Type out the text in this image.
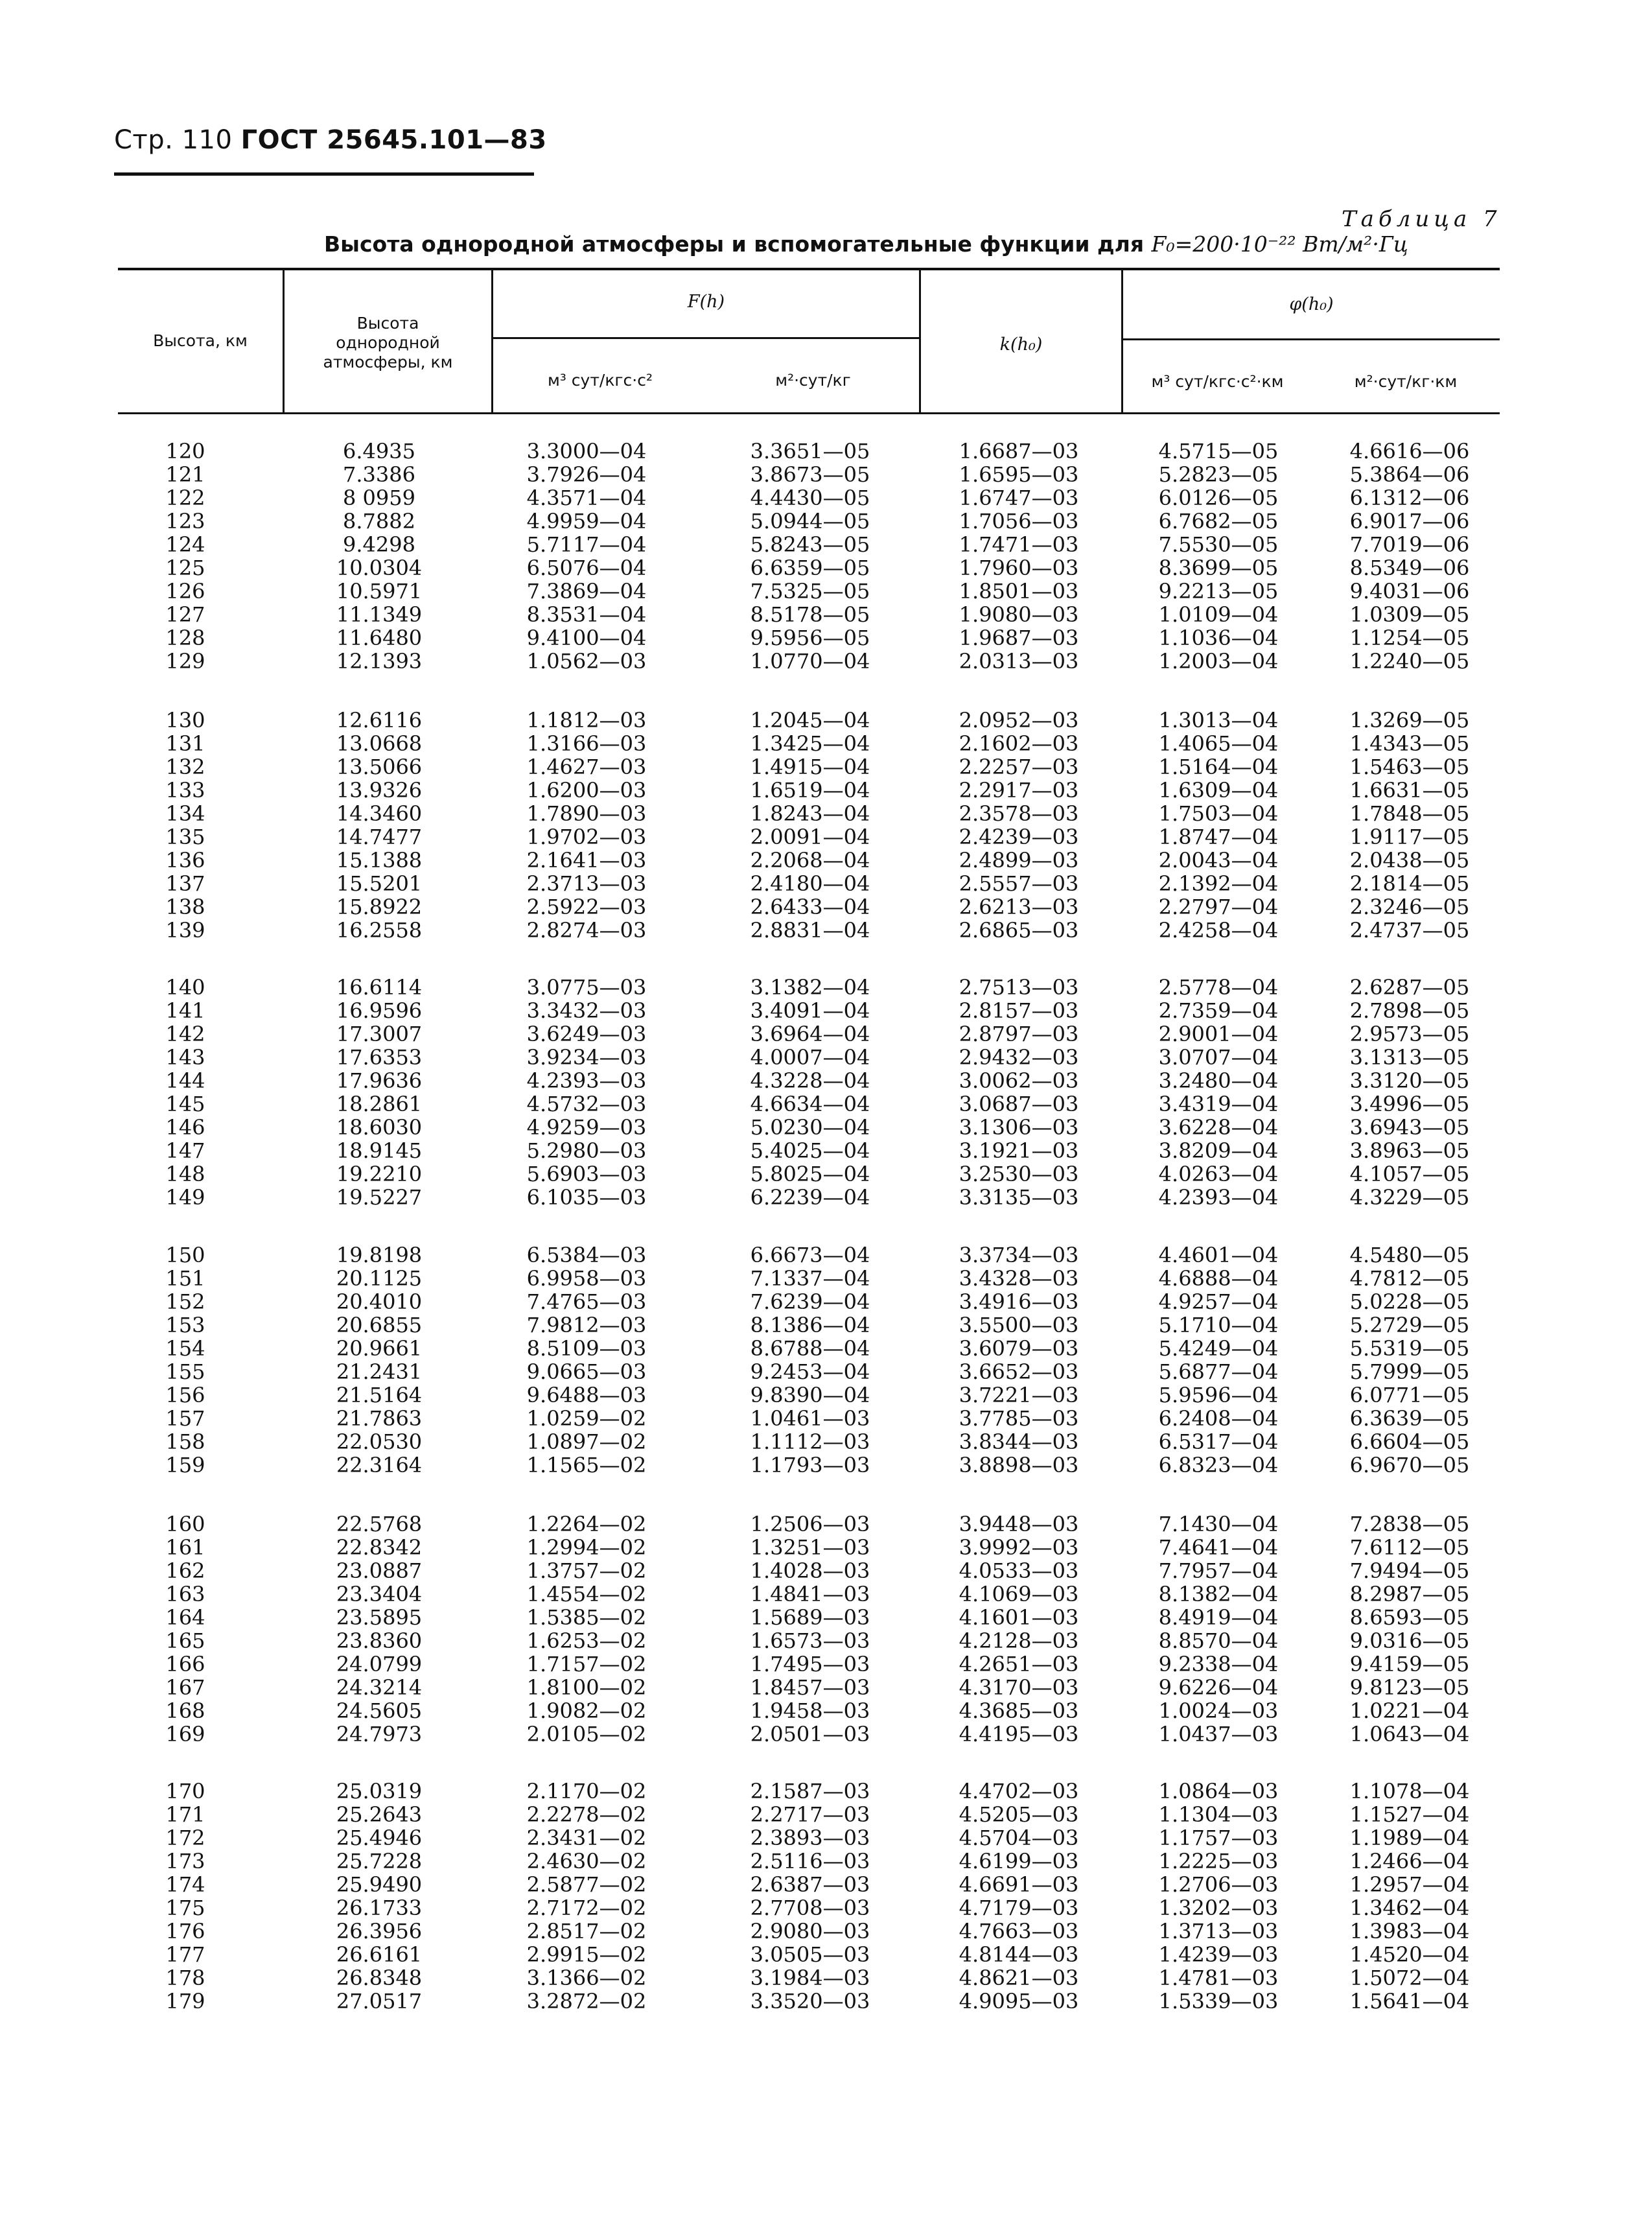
Стр. 110 ГОСТ 25645.101—83
Таблица 7
Высота однородной атмосферы и вспомогательные функции для F₀=200·10⁻²² Вт/м²·Гц
Высота, км
Высота
однородной
атмосферы, км
F(h)
м³ сут/кгс·с²	м²·сут/кг
k(h₀)
φ(h₀)
м³ сут/кгс·с²·км	м²·сут/кг·км
120	6.4935	3.3000—04	3.3651—05	1.6687—03	4.5715—05	4.6616—06
121	7.3386	3.7926—04	3.8673—05	1.6595—03	5.2823—05	5.3864—06
122	8 0959	4.3571—04	4.4430—05	1.6747—03	6.0126—05	6.1312—06
123	8.7882	4.9959—04	5.0944—05	1.7056—03	6.7682—05	6.9017—06
124	9.4298	5.7117—04	5.8243—05	1.7471—03	7.5530—05	7.7019—06
125	10.0304	6.5076—04	6.6359—05	1.7960—03	8.3699—05	8.5349—06
126	10.5971	7.3869—04	7.5325—05	1.8501—03	9.2213—05	9.4031—06
127	11.1349	8.3531—04	8.5178—05	1.9080—03	1.0109—04	1.0309—05
128	11.6480	9.4100—04	9.5956—05	1.9687—03	1.1036—04	1.1254—05
129	12.1393	1.0562—03	1.0770—04	2.0313—03	1.2003—04	1.2240—05
130	12.6116	1.1812—03	1.2045—04	2.0952—03	1.3013—04	1.3269—05
131	13.0668	1.3166—03	1.3425—04	2.1602—03	1.4065—04	1.4343—05
132	13.5066	1.4627—03	1.4915—04	2.2257—03	1.5164—04	1.5463—05
133	13.9326	1.6200—03	1.6519—04	2.2917—03	1.6309—04	1.6631—05
134	14.3460	1.7890—03	1.8243—04	2.3578—03	1.7503—04	1.7848—05
135	14.7477	1.9702—03	2.0091—04	2.4239—03	1.8747—04	1.9117—05
136	15.1388	2.1641—03	2.2068—04	2.4899—03	2.0043—04	2.0438—05
137	15.5201	2.3713—03	2.4180—04	2.5557—03	2.1392—04	2.1814—05
138	15.8922	2.5922—03	2.6433—04	2.6213—03	2.2797—04	2.3246—05
139	16.2558	2.8274—03	2.8831—04	2.6865—03	2.4258—04	2.4737—05
140	16.6114	3.0775—03	3.1382—04	2.7513—03	2.5778—04	2.6287—05
141	16.9596	3.3432—03	3.4091—04	2.8157—03	2.7359—04	2.7898—05
142	17.3007	3.6249—03	3.6964—04	2.8797—03	2.9001—04	2.9573—05
143	17.6353	3.9234—03	4.0007—04	2.9432—03	3.0707—04	3.1313—05
144	17.9636	4.2393—03	4.3228—04	3.0062—03	3.2480—04	3.3120—05
145	18.2861	4.5732—03	4.6634—04	3.0687—03	3.4319—04	3.4996—05
146	18.6030	4.9259—03	5.0230—04	3.1306—03	3.6228—04	3.6943—05
147	18.9145	5.2980—03	5.4025—04	3.1921—03	3.8209—04	3.8963—05
148	19.2210	5.6903—03	5.8025—04	3.2530—03	4.0263—04	4.1057—05
149	19.5227	6.1035—03	6.2239—04	3.3135—03	4.2393—04	4.3229—05
150	19.8198	6.5384—03	6.6673—04	3.3734—03	4.4601—04	4.5480—05
151	20.1125	6.9958—03	7.1337—04	3.4328—03	4.6888—04	4.7812—05
152	20.4010	7.4765—03	7.6239—04	3.4916—03	4.9257—04	5.0228—05
153	20.6855	7.9812—03	8.1386—04	3.5500—03	5.1710—04	5.2729—05
154	20.9661	8.5109—03	8.6788—04	3.6079—03	5.4249—04	5.5319—05
155	21.2431	9.0665—03	9.2453—04	3.6652—03	5.6877—04	5.7999—05
156	21.5164	9.6488—03	9.8390—04	3.7221—03	5.9596—04	6.0771—05
157	21.7863	1.0259—02	1.0461—03	3.7785—03	6.2408—04	6.3639—05
158	22.0530	1.0897—02	1.1112—03	3.8344—03	6.5317—04	6.6604—05
159	22.3164	1.1565—02	1.1793—03	3.8898—03	6.8323—04	6.9670—05
160	22.5768	1.2264—02	1.2506—03	3.9448—03	7.1430—04	7.2838—05
161	22.8342	1.2994—02	1.3251—03	3.9992—03	7.4641—04	7.6112—05
162	23.0887	1.3757—02	1.4028—03	4.0533—03	7.7957—04	7.9494—05
163	23.3404	1.4554—02	1.4841—03	4.1069—03	8.1382—04	8.2987—05
164	23.5895	1.5385—02	1.5689—03	4.1601—03	8.4919—04	8.6593—05
165	23.8360	1.6253—02	1.6573—03	4.2128—03	8.8570—04	9.0316—05
166	24.0799	1.7157—02	1.7495—03	4.2651—03	9.2338—04	9.4159—05
167	24.3214	1.8100—02	1.8457—03	4.3170—03	9.6226—04	9.8123—05
168	24.5605	1.9082—02	1.9458—03	4.3685—03	1.0024—03	1.0221—04
169	24.7973	2.0105—02	2.0501—03	4.4195—03	1.0437—03	1.0643—04
170	25.0319	2.1170—02	2.1587—03	4.4702—03	1.0864—03	1.1078—04
171	25.2643	2.2278—02	2.2717—03	4.5205—03	1.1304—03	1.1527—04
172	25.4946	2.3431—02	2.3893—03	4.5704—03	1.1757—03	1.1989—04
173	25.7228	2.4630—02	2.5116—03	4.6199—03	1.2225—03	1.2466—04
174	25.9490	2.5877—02	2.6387—03	4.6691—03	1.2706—03	1.2957—04
175	26.1733	2.7172—02	2.7708—03	4.7179—03	1.3202—03	1.3462—04
176	26.3956	2.8517—02	2.9080—03	4.7663—03	1.3713—03	1.3983—04
177	26.6161	2.9915—02	3.0505—03	4.8144—03	1.4239—03	1.4520—04
178	26.8348	3.1366—02	3.1984—03	4.8621—03	1.4781—03	1.5072—04
179	27.0517	3.2872—02	3.3520—03	4.9095—03	1.5339—03	1.5641—04
